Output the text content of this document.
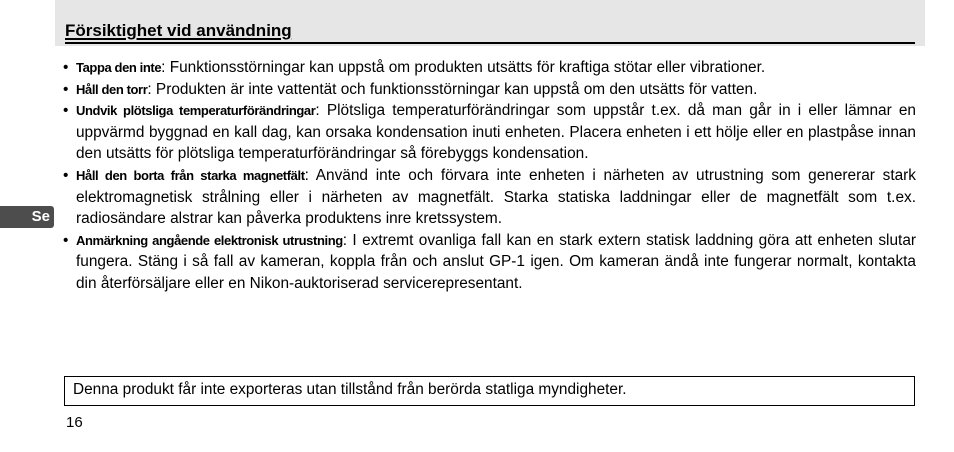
Försiktighet vid användning
Se
• Tappa den inte: Funktionsstörningar kan uppstå om produkten utsätts för kraftiga stötar eller vibrationer.
• Håll den torr: Produkten är inte vattentät och funktionsstörningar kan uppstå om den utsätts för vatten.
• Undvik plötsliga temperaturförändringar: Plötsliga temperaturförändringar som uppstår t.ex. då man går in i eller lämnar en uppvärmd byggnad en kall dag, kan orsaka kondensation inuti enheten. Placera enheten i ett hölje eller en plastpåse innan den utsätts för plötsliga temperaturförändringar så förebyggs kondensation.
• Håll den borta från starka magnetfält: Använd inte och förvara inte enheten i närheten av utrustning som genererar stark elektromagnetisk strålning eller i närheten av magnetfält. Starka statiska laddningar eller de magnetfält som t.ex. radiosändare alstrar kan påverka produktens inre kretssystem.
• Anmärkning angående elektronisk utrustning: I extremt ovanliga fall kan en stark extern statisk laddning göra att enheten slutar fungera. Stäng i så fall av kameran, koppla från och anslut GP-1 igen. Om kameran ändå inte fungerar normalt, kontakta din återförsäljare eller en Nikon-auktoriserad servicerepresentant.
Denna produkt får inte exporteras utan tillstånd från berörda statliga myndigheter.
16
